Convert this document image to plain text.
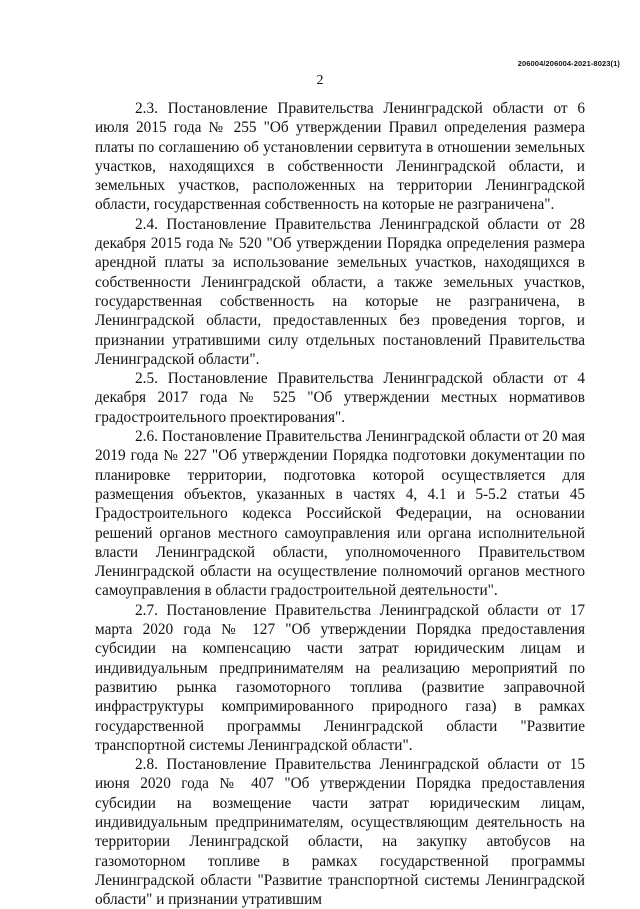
206004/206004-2021-8023(1)
2

2.3. Постановление Правительства Ленинградской области от 6 июля 2015 года № 255 "Об утверждении Правил определения размера платы по соглашению об установлении сервитута в отношении земельных участков, находящихся в собственности Ленинградской области, и земельных участков, расположенных на территории Ленинградской области, государственная собственность на которые не разграничена".

2.4. Постановление Правительства Ленинградской области от 28 декабря 2015 года № 520 "Об утверждении Порядка определения размера арендной платы за использование земельных участков, находящихся в собственности Ленинградской области, а также земельных участков, государственная собственность на которые не разграничена, в Ленинградской области, предоставленных без проведения торгов, и признании утратившими силу отдельных постановлений Правительства Ленинградской области".

2.5. Постановление Правительства Ленинградской области от 4 декабря 2017 года № 525 "Об утверждении местных нормативов градостроительного проектирования".

2.6. Постановление Правительства Ленинградской области от 20 мая 2019 года № 227 "Об утверждении Порядка подготовки документации по планировке территории, подготовка которой осуществляется для размещения объектов, указанных в частях 4, 4.1 и 5-5.2 статьи 45 Градостроительного кодекса Российской Федерации, на основании решений органов местного самоуправления или органа исполнительной власти Ленинградской области, уполномоченного Правительством Ленинградской области на осуществление полномочий органов местного самоуправления в области градостроительной деятельности".

2.7. Постановление Правительства Ленинградской области от 17 марта 2020 года № 127 "Об утверждении Порядка предоставления субсидии на компенсацию части затрат юридическим лицам и индивидуальным предпринимателям на реализацию мероприятий по развитию рынка газомоторного топлива (развитие заправочной инфраструктуры компримированного природного газа) в рамках государственной программы Ленинградской области "Развитие транспортной системы Ленинградской области".

2.8. Постановление Правительства Ленинградской области от 15 июня 2020 года № 407 "Об утверждении Порядка предоставления субсидии на возмещение части затрат юридическим лицам, индивидуальным предпринимателям, осуществляющим деятельность на территории Ленинградской области, на закупку автобусов на газомоторном топливе в рамках государственной программы Ленинградской области "Развитие транспортной системы Ленинградской области" и признании утратившим
